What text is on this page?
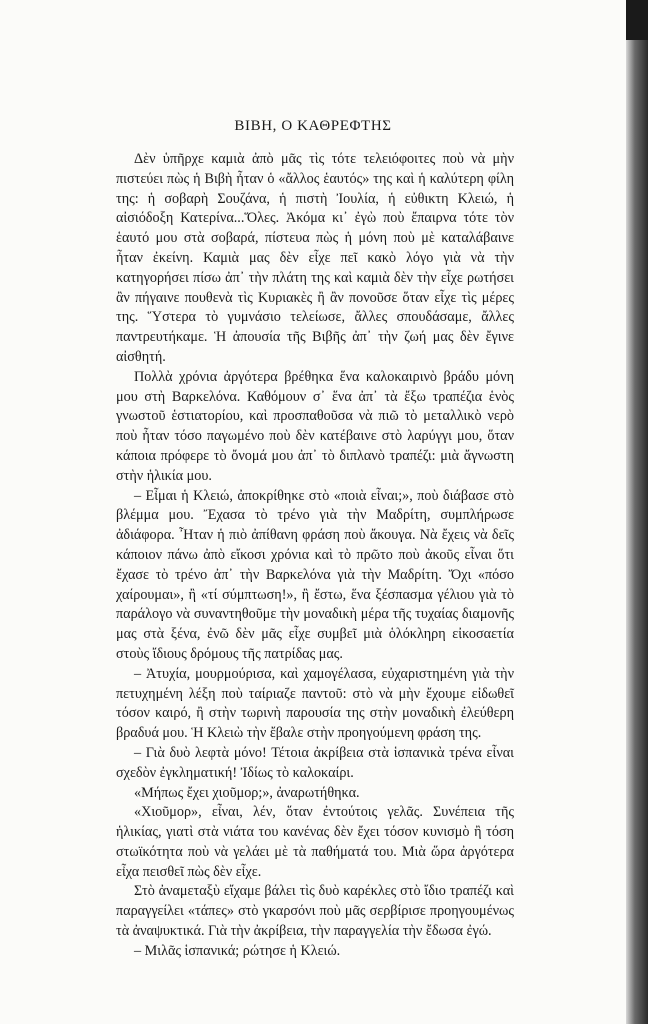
ΒΙΒΗ, Ο ΚΑΘΡΕΦΤΗΣ

Δὲν ὑπῆρχε καμιὰ ἀπὸ μᾶς τὶς τότε τελειόφοιτες ποὺ νὰ μὴν πιστεύει πὼς ἡ Βιβὴ ἦταν ὁ «ἄλλος ἑαυτός» της καὶ ἡ καλύτερη φίλη της: ἡ σοβαρὴ Σουζάνα, ἡ πιστὴ Ἰουλία, ἡ εὐθικτη Κλειώ, ἡ αἰσιόδοξη Κατερίνα...Ὅλες. Ἀκόμα κι᾽ ἐγὼ ποὺ ἔπαιρνα τότε τὸν ἑαυτό μου στὰ σοβαρά, πίστευα πὼς ἡ μόνη ποὺ μὲ καταλάβαινε ἦταν ἐκείνη. Καμιὰ μας δὲν εἶχε πεῖ κακὸ λόγο γιὰ νὰ τὴν κατηγορήσει πίσω ἀπ᾽ τὴν πλάτη της καὶ καμιὰ δὲν τὴν εἶχε ρωτήσει ἂν πήγαινε πουθενὰ τὶς Κυριακὲς ἢ ἂν πονοῦσε ὅταν εἶχε τὶς μέρες της. Ὕστερα τὸ γυμνάσιο τελείωσε, ἄλλες σπουδάσαμε, ἄλλες παντρευτήκαμε. Ἡ ἀπουσία τῆς Βιβῆς ἀπ᾽ τὴν ζωή μας δὲν ἔγινε αἰσθητή.

Πολλὰ χρόνια ἀργότερα βρέθηκα ἕνα καλοκαιρινὸ βράδυ μόνη μου στὴ Βαρκελόνα. Καθόμουν σ᾽ ἕνα ἀπ᾽ τὰ ἔξω τραπέζια ἑνὸς γνωστοῦ ἑστιατορίου, καὶ προσπαθοῦσα νὰ πιῶ τὸ μεταλλικὸ νερὸ ποὺ ἦταν τόσο παγωμένο ποὺ δὲν κατέβαινε στὸ λαρύγγι μου, ὅταν κάποια πρόφερε τὸ ὄνομά μου ἀπ᾽ τὸ διπλανὸ τραπέζι: μιὰ ἄγνωστη στὴν ἡλικία μου.

– Εἶμαι ἡ Κλειώ, ἀποκρίθηκε στὸ «ποιὰ εἶναι;», ποὺ διάβασε στὸ βλέμμα μου. Ἔχασα τὸ τρένο γιὰ τὴν Μαδρίτη, συμπλήρωσε ἀδιάφορα. Ἦταν ἡ πιὸ ἀπίθανη φράση ποὺ ἄκουγα. Νὰ ἔχεις νὰ δεῖς κάποιον πάνω ἀπὸ εἴκοσι χρόνια καὶ τὸ πρῶτο ποὺ ἀκοῦς εἶναι ὅτι ἔχασε τὸ τρένο ἀπ᾽ τὴν Βαρκελόνα γιὰ τὴν Μαδρίτη. Ὄχι «πόσο χαίρουμαι», ἢ «τί σύμπτωση!», ἢ ἔστω, ἕνα ξέσπασμα γέλιου γιὰ τὸ παράλογο νὰ συναντηθοῦμε τὴν μοναδικὴ μέρα τῆς τυχαίας διαμονῆς μας στὰ ξένα, ἐνῶ δὲν μᾶς εἶχε συμβεῖ μιὰ ὁλόκληρη εἰκοσαετία στοὺς ἴδιους δρόμους τῆς πατρίδας μας.

– Ἀτυχία, μουρμούρισα, καὶ χαμογέλασα, εὐχαριστημένη γιὰ τὴν πετυχημένη λέξη ποὺ ταίριαζε παντοῦ: στὸ νὰ μὴν ἔχουμε εἰδωθεῖ τόσον καιρό, ἢ στὴν τωρινὴ παρουσία της στὴν μοναδικὴ ἐλεύθερη βραδυά μου. Ἡ Κλειὼ τὴν ἔβαλε στὴν προηγούμενη φράση της.

– Γιὰ δυὸ λεφτὰ μόνο! Τέτοια ἀκρίβεια στὰ ἱσπανικὰ τρένα εἶναι σχεδὸν ἐγκληματική! Ἰδίως τὸ καλοκαίρι.

«Μήπως ἔχει χιοῦμορ;», ἀναρωτήθηκα.

«Χιοῦμορ», εἶναι, λέν, ὅταν ἐντούτοις γελᾶς. Συνέπεια τῆς ἡλικίας, γιατὶ στὰ νιάτα του κανένας δὲν ἔχει τόσον κυνισμὸ ἢ τόση στωϊκότητα ποὺ νὰ γελάει μὲ τὰ παθήματά του. Μιὰ ὥρα ἀργότερα εἶχα πεισθεῖ πὼς δὲν εἶχε.

Στὸ ἀναμεταξὺ εἴχαμε βάλει τὶς δυὸ καρέκλες στὸ ἴδιο τραπέζι καὶ παραγγείλει «τάπες» στὸ γκαρσόνι ποὺ μᾶς σερβίρισε προηγουμένως τὰ ἀναψυκτικά. Γιὰ τὴν ἀκρίβεια, τὴν παραγγελία τὴν ἔδωσα ἐγώ.

– Μιλᾶς ἱσπανικά; ρώτησε ἡ Κλειώ.
